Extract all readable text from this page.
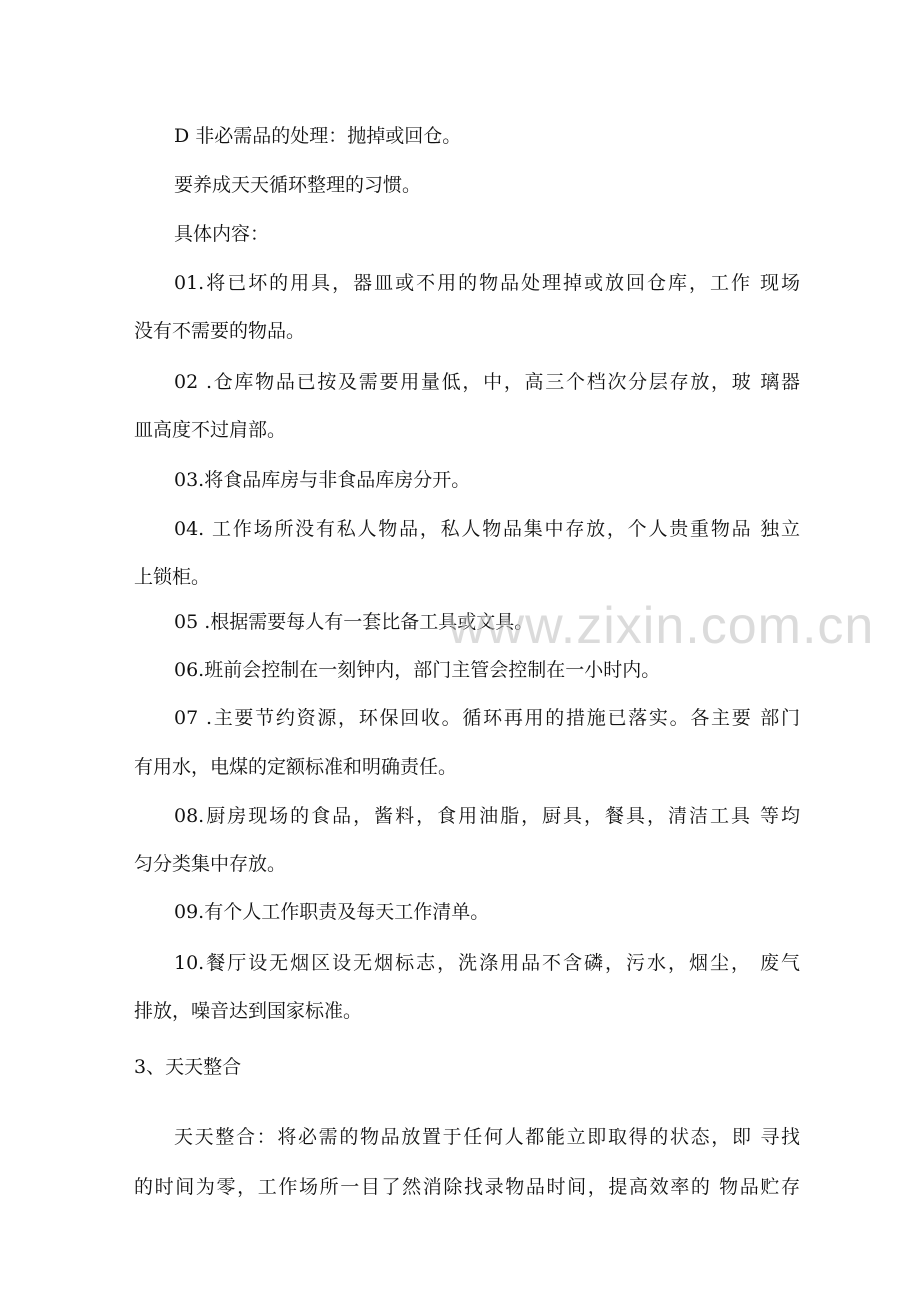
D 非必需品的处理：抛掉或回仓。
要养成天天循环整理的习惯。
具体内容：
01.将已坏的用具，器皿或不用的物品处理掉或放回仓库，工作 现场
没有不需要的物品。
02 .仓库物品已按及需要用量低，中，高三个档次分层存放，玻 璃器
皿高度不过肩部。
03.将食品库房与非食品库房分开。
04. 工作场所没有私人物品，私人物品集中存放，个人贵重物品 独立
上锁柜。
05 .根据需要每人有一套比备工具或文具。
06.班前会控制在一刻钟内，部门主管会控制在一小时内。
07 .主要节约资源，环保回收。循环再用的措施已落实。各主要 部门
有用水，电煤的定额标准和明确责任。
08.厨房现场的食品，酱料，食用油脂，厨具，餐具，清洁工具 等均
匀分类集中存放。
09.有个人工作职责及每天工作清单。
10.餐厅设无烟区设无烟标志，洗涤用品不含磷，污水，烟尘， 废气
排放，噪音达到国家标准。
3、天天整合
天天整合：将必需的物品放置于任何人都能立即取得的状态，即 寻找
的时间为零，工作场所一目了然消除找录物品时间，提高效率的 物品贮存
www.zixin.com.cn
